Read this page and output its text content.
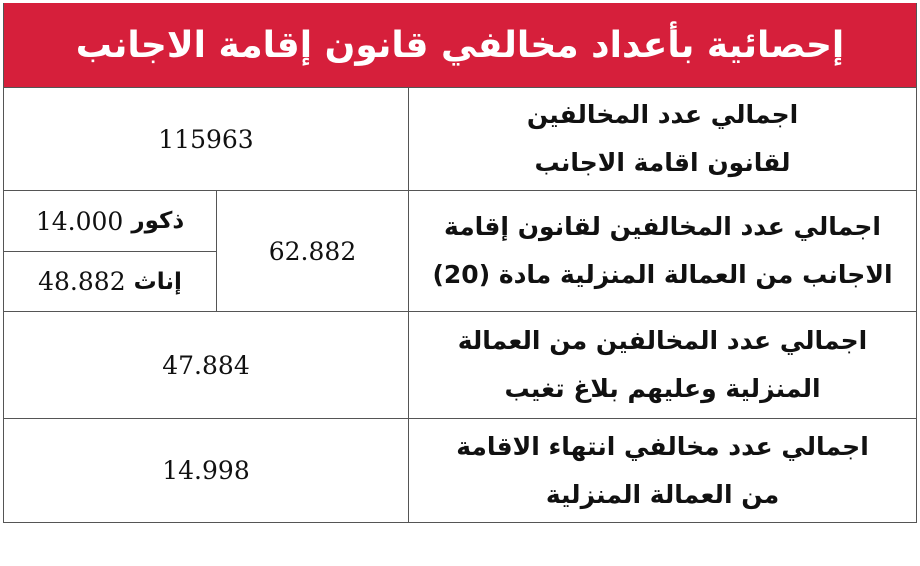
إحصائية بأعداد مخالفي قانون إقامة الاجانب
اجمالي عدد المخالفين
لقانون اقامة الاجانب
115963
اجمالي عدد المخالفين لقانون إقامة
الاجانب من العمالة المنزلية مادة (20)
62.882
ذكور
14.000
إناث
48.882
اجمالي عدد المخالفين من العمالة
المنزلية وعليهم بلاغ تغيب
47.884
اجمالي عدد مخالفي انتهاء الاقامة
من العمالة المنزلية
14.998
